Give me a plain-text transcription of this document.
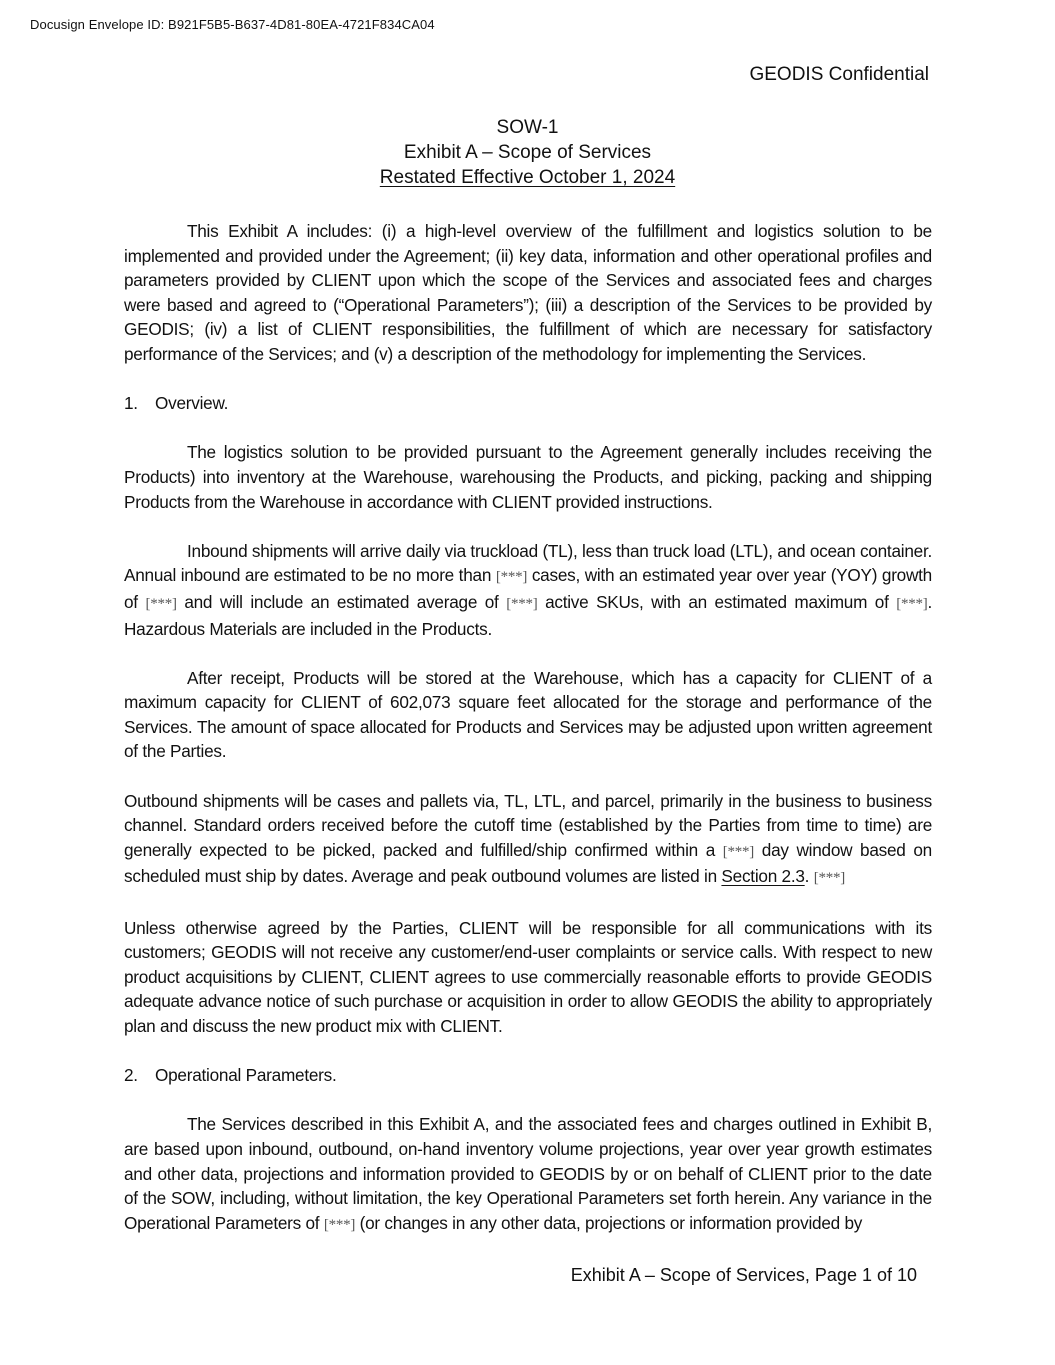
Docusign Envelope ID: B921F5B5-B637-4D81-80EA-4721F834CA04
GEODIS Confidential
SOW-1
Exhibit A – Scope of Services
Restated Effective October 1, 2024

This Exhibit A includes: (i) a high-level overview of the fulfillment and logistics solution to be implemented and provided under the Agreement; (ii) key data, information and other operational profiles and parameters provided by CLIENT upon which the scope of the Services and associated fees and charges were based and agreed to (“Operational Parameters”); (iii) a description of the Services to be provided by GEODIS; (iv) a list of CLIENT responsibilities, the fulfillment of which are necessary for satisfactory performance of the Services; and (v) a description of the methodology for implementing the Services.

1. Overview.

The logistics solution to be provided pursuant to the Agreement generally includes receiving the Products) into inventory at the Warehouse, warehousing the Products, and picking, packing and shipping Products from the Warehouse in accordance with CLIENT provided instructions.

Inbound shipments will arrive daily via truckload (TL), less than truck load (LTL), and ocean container. Annual inbound are estimated to be no more than [***] cases, with an estimated year over year (YOY) growth of [***] and will include an estimated average of [***] active SKUs, with an estimated maximum of [***]. Hazardous Materials are included in the Products.

After receipt, Products will be stored at the Warehouse, which has a capacity for CLIENT of a maximum capacity for CLIENT of 602,073 square feet allocated for the storage and performance of the Services. The amount of space allocated for Products and Services may be adjusted upon written agreement of the Parties.

Outbound shipments will be cases and pallets via, TL, LTL, and parcel, primarily in the business to business channel. Standard orders received before the cutoff time (established by the Parties from time to time) are generally expected to be picked, packed and fulfilled/ship confirmed within a [***] day window based on scheduled must ship by dates. Average and peak outbound volumes are listed in Section 2.3. [***]

Unless otherwise agreed by the Parties, CLIENT will be responsible for all communications with its customers; GEODIS will not receive any customer/end-user complaints or service calls. With respect to new product acquisitions by CLIENT, CLIENT agrees to use commercially reasonable efforts to provide GEODIS adequate advance notice of such purchase or acquisition in order to allow GEODIS the ability to appropriately plan and discuss the new product mix with CLIENT.

2. Operational Parameters.

The Services described in this Exhibit A, and the associated fees and charges outlined in Exhibit B, are based upon inbound, outbound, on-hand inventory volume projections, year over year growth estimates and other data, projections and information provided to GEODIS by or on behalf of CLIENT prior to the date of the SOW, including, without limitation, the key Operational Parameters set forth herein. Any variance in the Operational Parameters of [***] (or changes in any other data, projections or information provided by

Exhibit A – Scope of Services, Page 1 of 10
